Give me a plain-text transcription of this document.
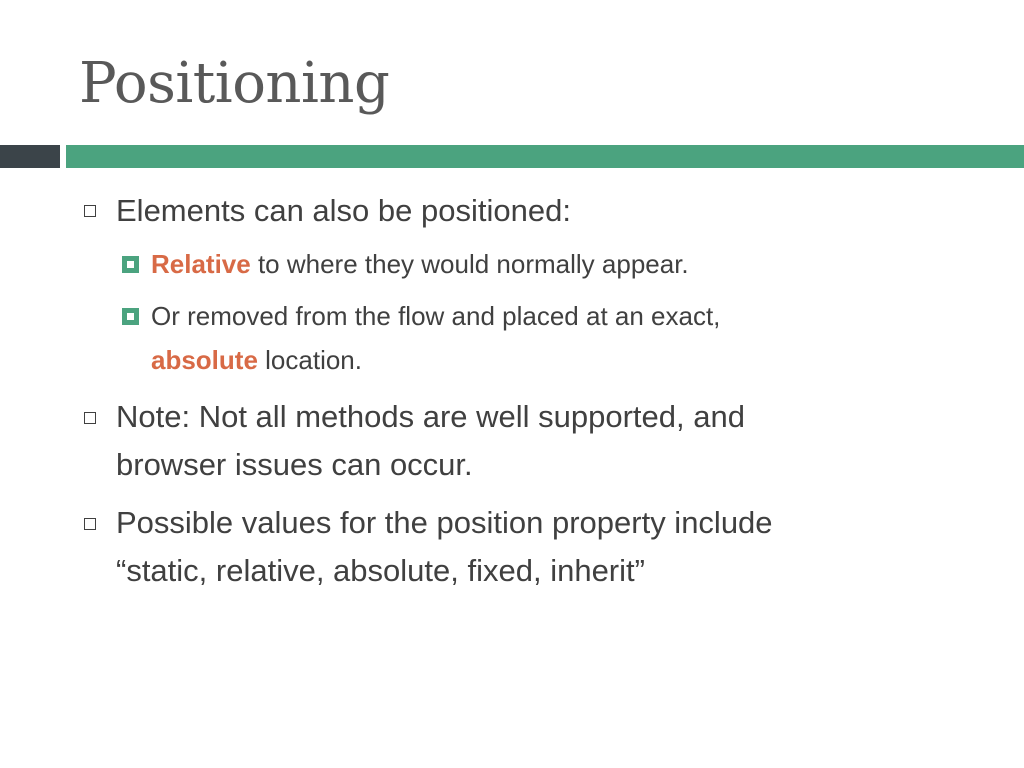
Positioning
Elements can also be positioned:
Relative to where they would normally appear.
Or removed from the flow and placed at an exact,
absolute location.
Note: Not all methods are well supported, and
browser issues can occur.
Possible values for the position property include
“static, relative, absolute, fixed, inherit”
